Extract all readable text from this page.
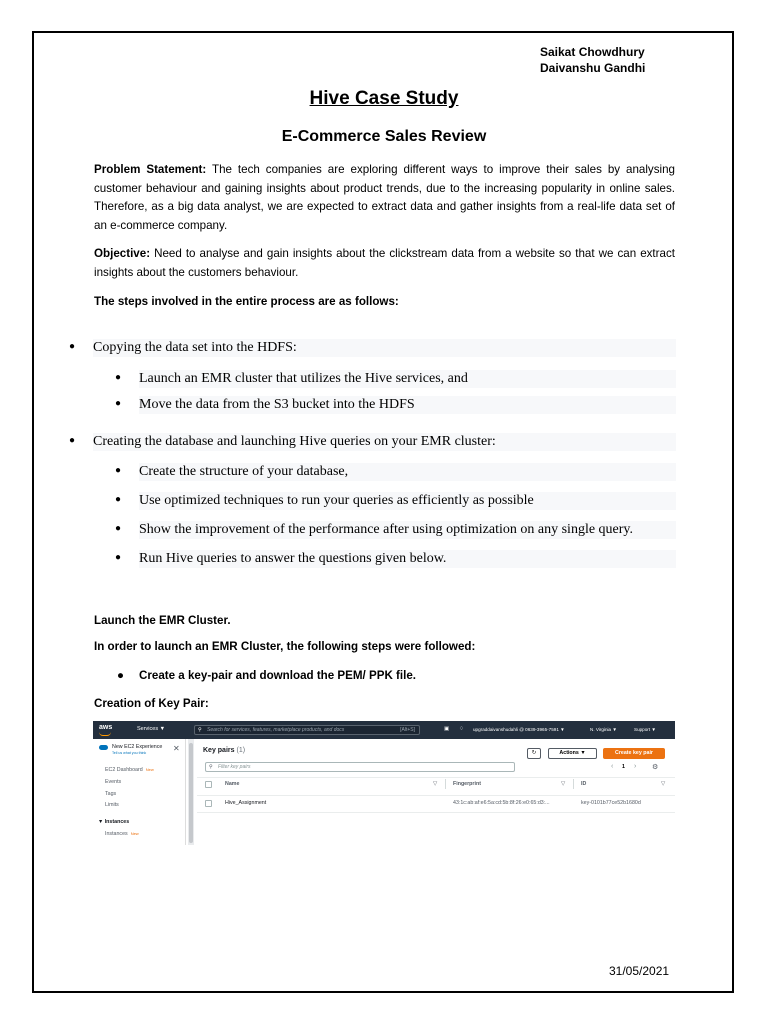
Saikat Chowdhury
Daivanshu Gandhi
Hive Case Study
E-Commerce Sales Review
Problem Statement: The tech companies are exploring different ways to improve their sales by analysing customer behaviour and gaining insights about product trends, due to the increasing popularity in online sales. Therefore, as a big data analyst, we are expected to extract data and gather insights from a real-life data set of an e-commerce company.
Objective: Need to analyse and gain insights about the clickstream data from a website so that we can extract insights about the customers behaviour.
The steps involved in the entire process are as follows:
● Copying the data set into the HDFS:
● Launch an EMR cluster that utilizes the Hive services, and
● Move the data from the S3 bucket into the HDFS
● Creating the database and launching Hive queries on your EMR cluster:
● Create the structure of your database,
● Use optimized techniques to run your queries as efficiently as possible
● Show the improvement of the performance after using optimization on any single query.
● Run Hive queries to answer the questions given below.
Launch the EMR Cluster.
In order to launch an EMR Cluster, the following steps were followed:
● Create a key-pair and download the PEM/ PPK file.
Creation of Key Pair:
aws	Services ▼	⚲ Search for services, features, marketplace products, and docs	[Alt+S]	▣ ♢ upgraddaivanshudahli @ 0639-3965-7591 ▼	N. Virginia ▼	Support ▼
New EC2 Experience
Tell us what you think	✕
EC2 Dashboard New
Events
Tags
Limits
▼ Instances
Instances New
Key pairs (1)	↻	Actions ▼	Create key pair
⚲ Filter key pairs	‹ 1 › ⚙
Name	▽	Fingerprint	▽	ID	▽
Hive_Assignment	43:1c:ab:af:e6:5a:cd:5b:8f:26:e0:65:d3:...	key-0101b77ce52b1680d
31/05/2021
